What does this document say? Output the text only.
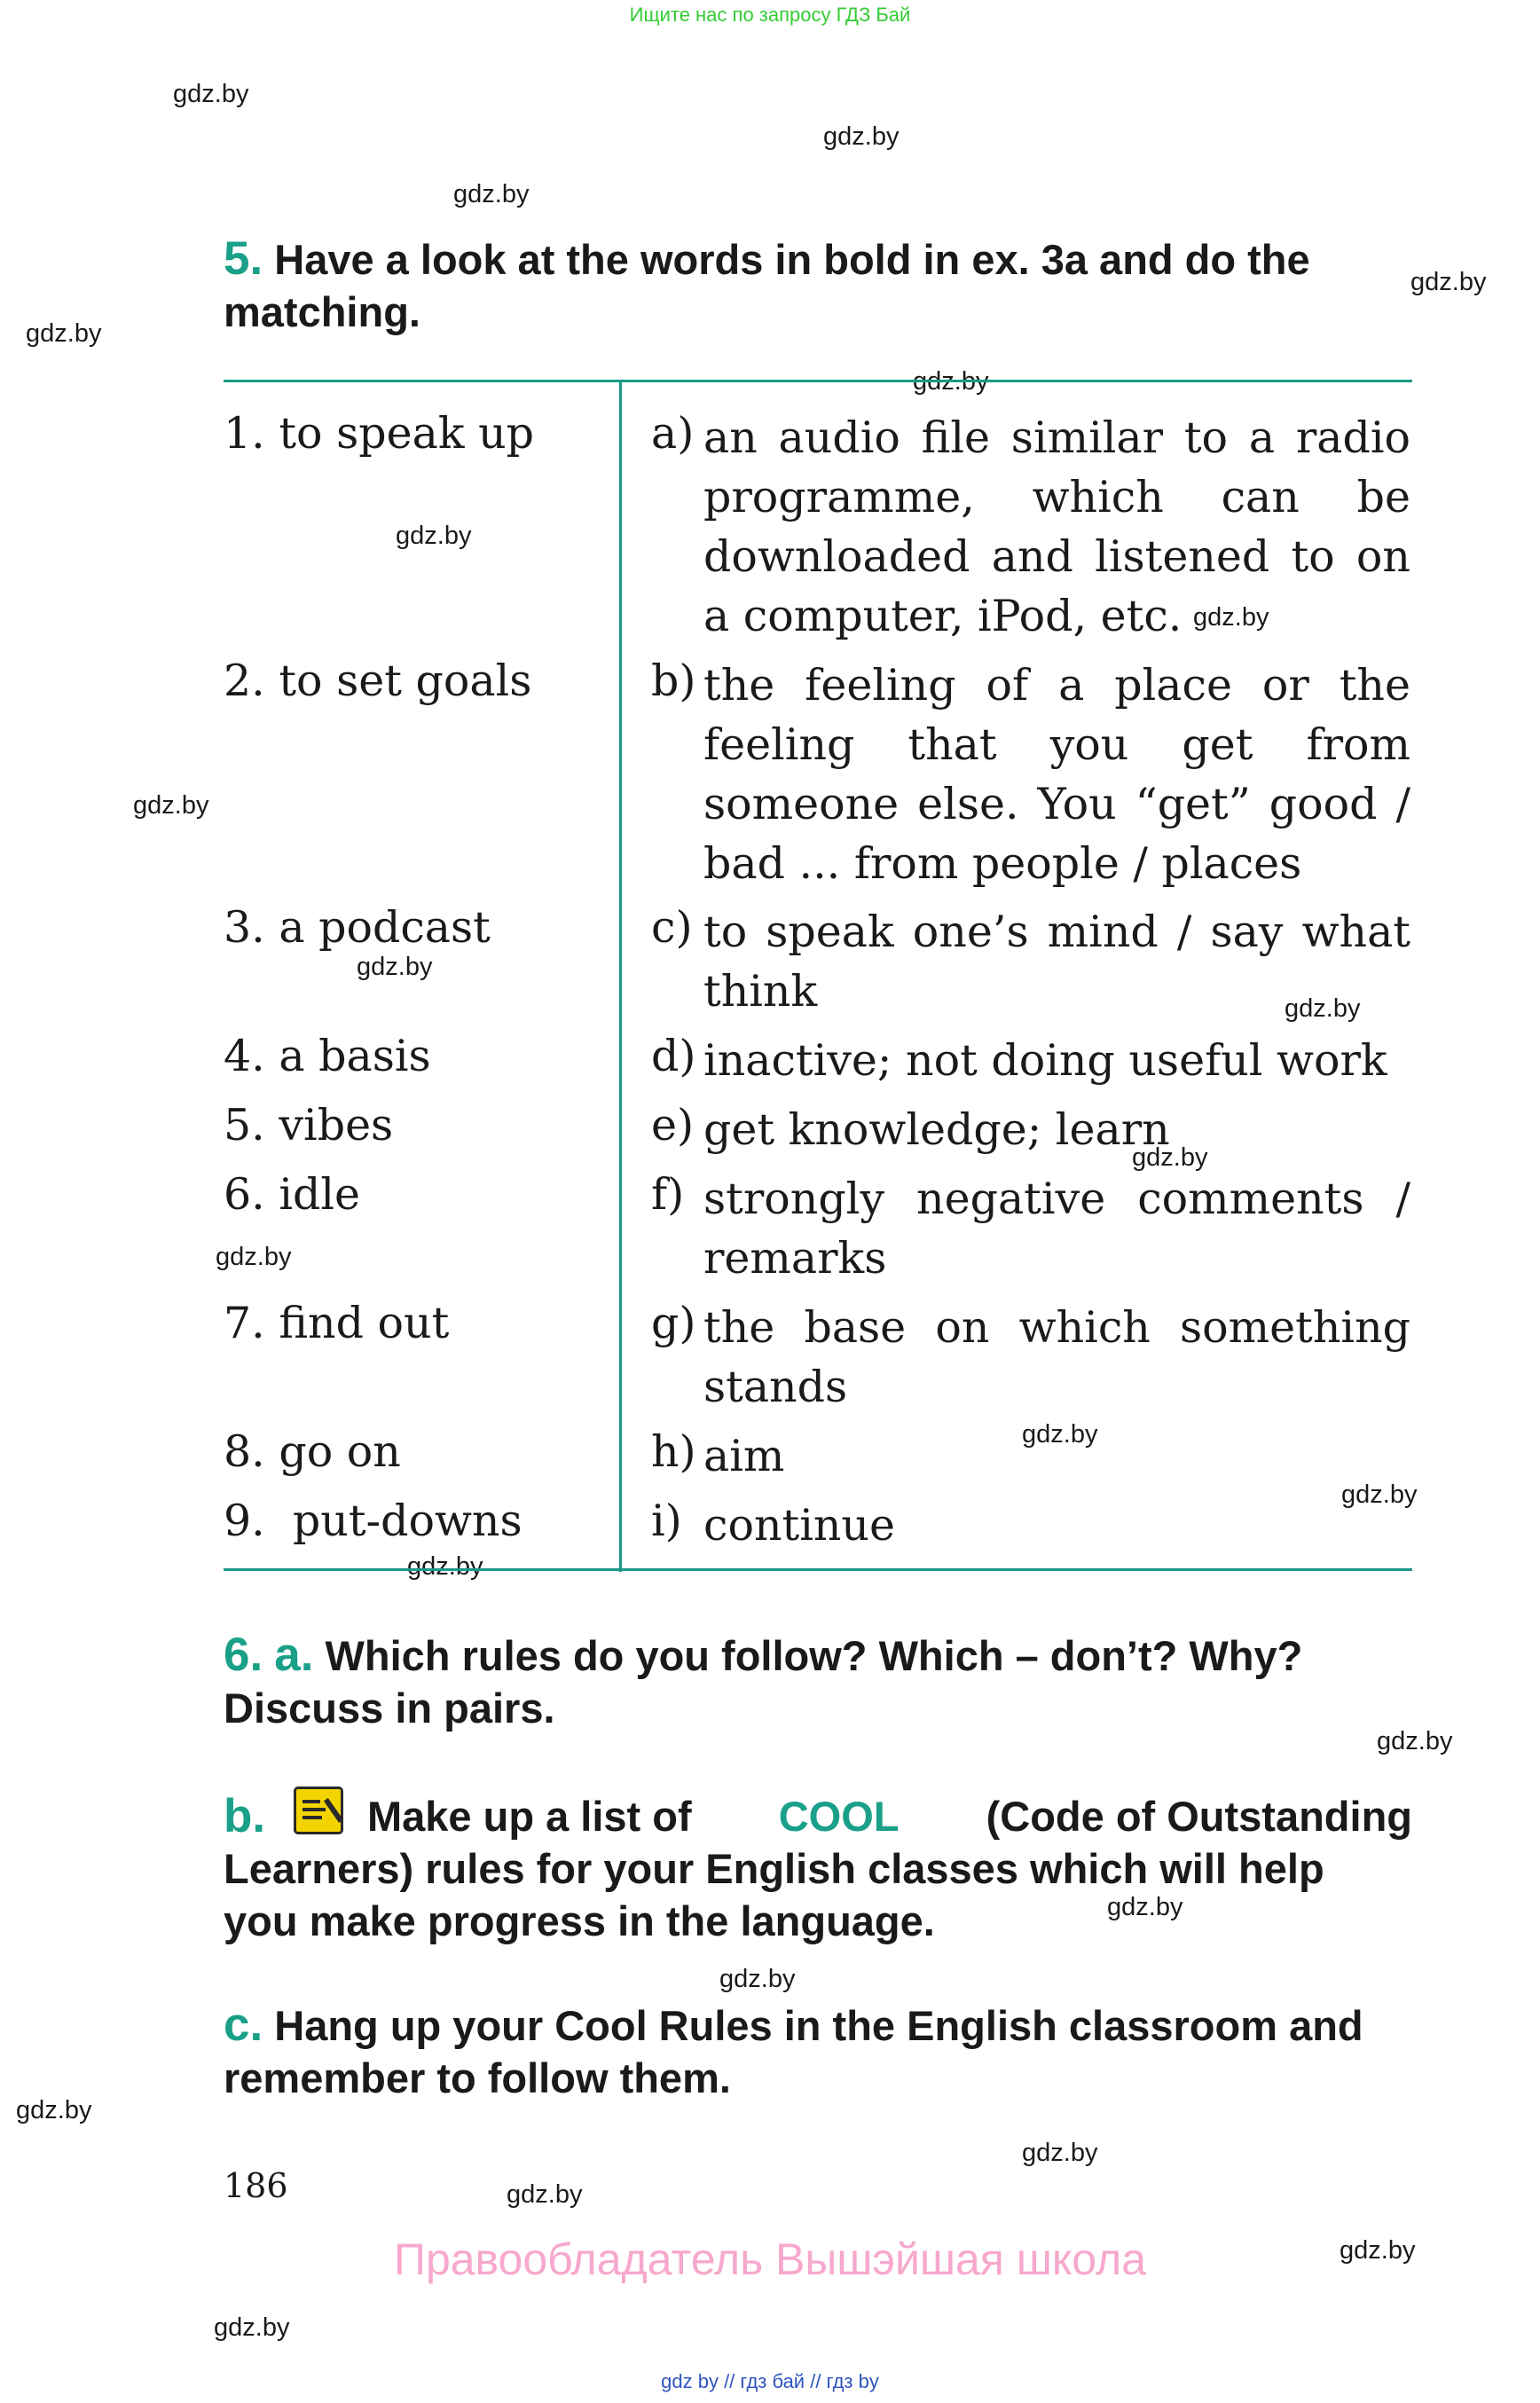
Ищите нас по запросу ГДЗ Бай
gdz.by
gdz.by
gdz.by
gdz.by
gdz.by
gdz.by
gdz.by
gdz.by
gdz.by
gdz.by
gdz.by
gdz.by
gdz.by
gdz.by
gdz.by
gdz.by
gdz.by
gdz.by
gdz.by
gdz.by
gdz.by
gdz.by
gdz.by
gdz.by
5. Have a look at the words in bold in ex. 3a and do the
matching.
1. to speak up
2. to set goals
3. a podcast
4. a basis
5. vibes
6. idle
7. find out
8. go on
9. put-downs
a)
b)
c)
d)
e)
f)
g)
h)
i)
an audio file similar to a radio programme, which can be downloaded and listened to on a computer, iPod, etc.
the feeling of a place or the feeling that you get from someone else. You “get” good / bad ... from people / places
to speak one’s mind / say what think
inactive; not doing useful work
get knowledge; learn
strongly negative comments / remarks
the base on which something stands
aim
continue
6. a. Which rules do you follow? Which – don’t? Why?
Discuss in pairs.
b. Make up a list of COOL (Code of Outstanding
Learners) rules for your English classes which will help
you make progress in the language.
c. Hang up your Cool Rules in the English classroom and
remember to follow them.
186
Правообладатель Вышэйшая школа
gdz by // гдз бай // гдз by
